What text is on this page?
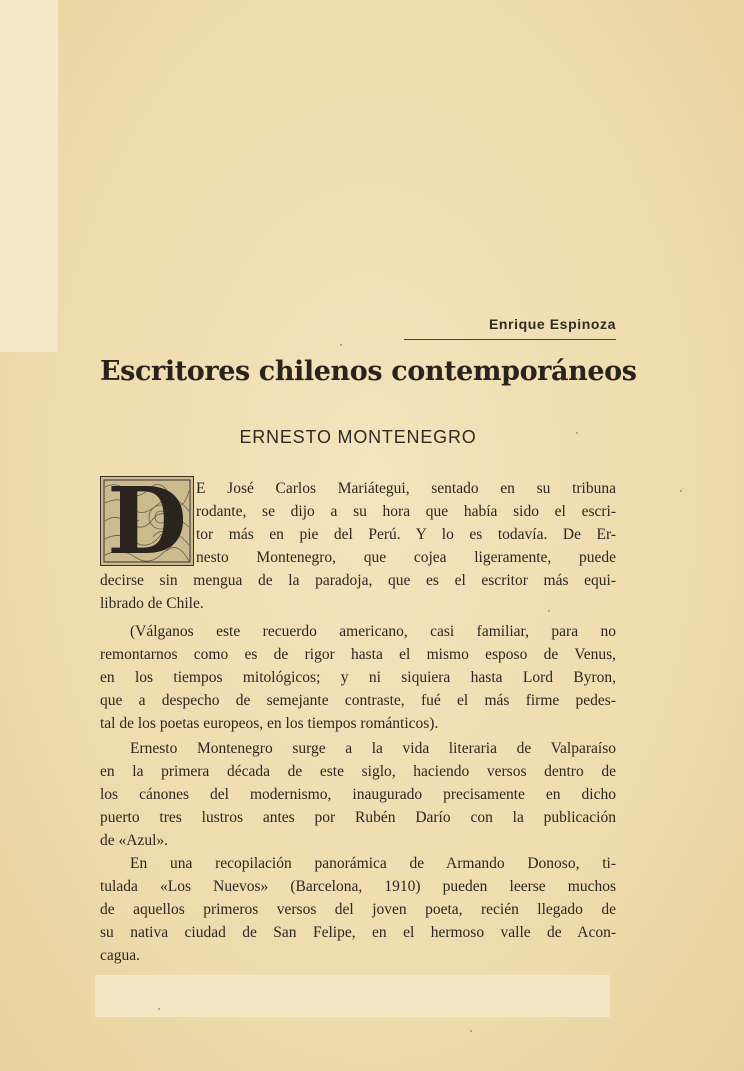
Enrique Espinoza
Escritores chilenos contemporáneos
ERNESTO MONTENEGRO
D E José Carlos Mariátegui, sentado en su tribuna
rodante, se dijo a su hora que había sido el escri-
tor más en pie del Perú. Y lo es todavía. De Er-
nesto Montenegro, que cojea ligeramente, puede
decirse sin mengua de la paradoja, que es el escritor más equi-
librado de Chile.
(Válganos este recuerdo americano, casi familiar, para no
remontarnos como es de rigor hasta el mismo esposo de Venus,
en los tiempos mitológicos; y ni siquiera hasta Lord Byron,
que a despecho de semejante contraste, fué el más firme pedes-
tal de los poetas europeos, en los tiempos románticos).
Ernesto Montenegro surge a la vida literaria de Valparaíso
en la primera década de este siglo, haciendo versos dentro de
los cánones del modernismo, inaugurado precisamente en dicho
puerto tres lustros antes por Rubén Darío con la publicación
de «Azul».
En una recopilación panorámica de Armando Donoso, ti-
tulada «Los Nuevos» (Barcelona, 1910) pueden leerse muchos
de aquellos primeros versos del joven poeta, recién llegado de
su nativa ciudad de San Felipe, en el hermoso valle de Acon-
cagua.
